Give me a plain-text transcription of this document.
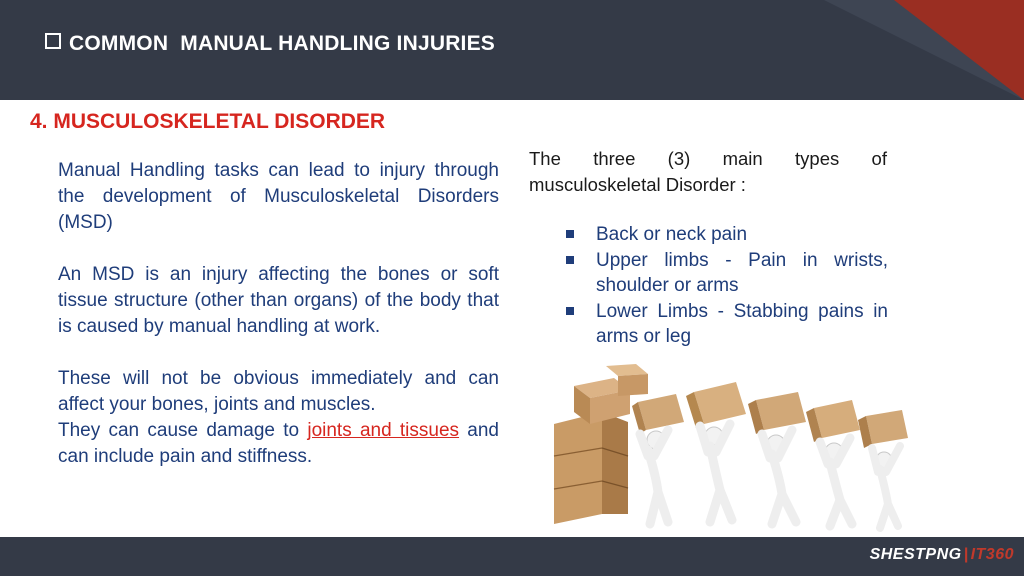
COMMON  MANUAL HANDLING INJURIES
4. MUSCULOSKELETAL DISORDER

Manual Handling tasks can lead to injury through the development of Musculoskeletal Disorders (MSD)

An MSD is an injury affecting the bones or soft tissue structure (other than organs) of the body that is caused by manual handling at work.

These will not be obvious immediately and can affect your bones, joints and muscles.

They can cause damage to joints and tissues and can include pain and stiffness.

The three (3) main types of

musculoskeletal Disorder :

Back or neck pain
Upper limbs - Pain in wrists, shoulder or arms
Lower Limbs - Stabbing pains in arms or leg
SHESTPNG | IT360
